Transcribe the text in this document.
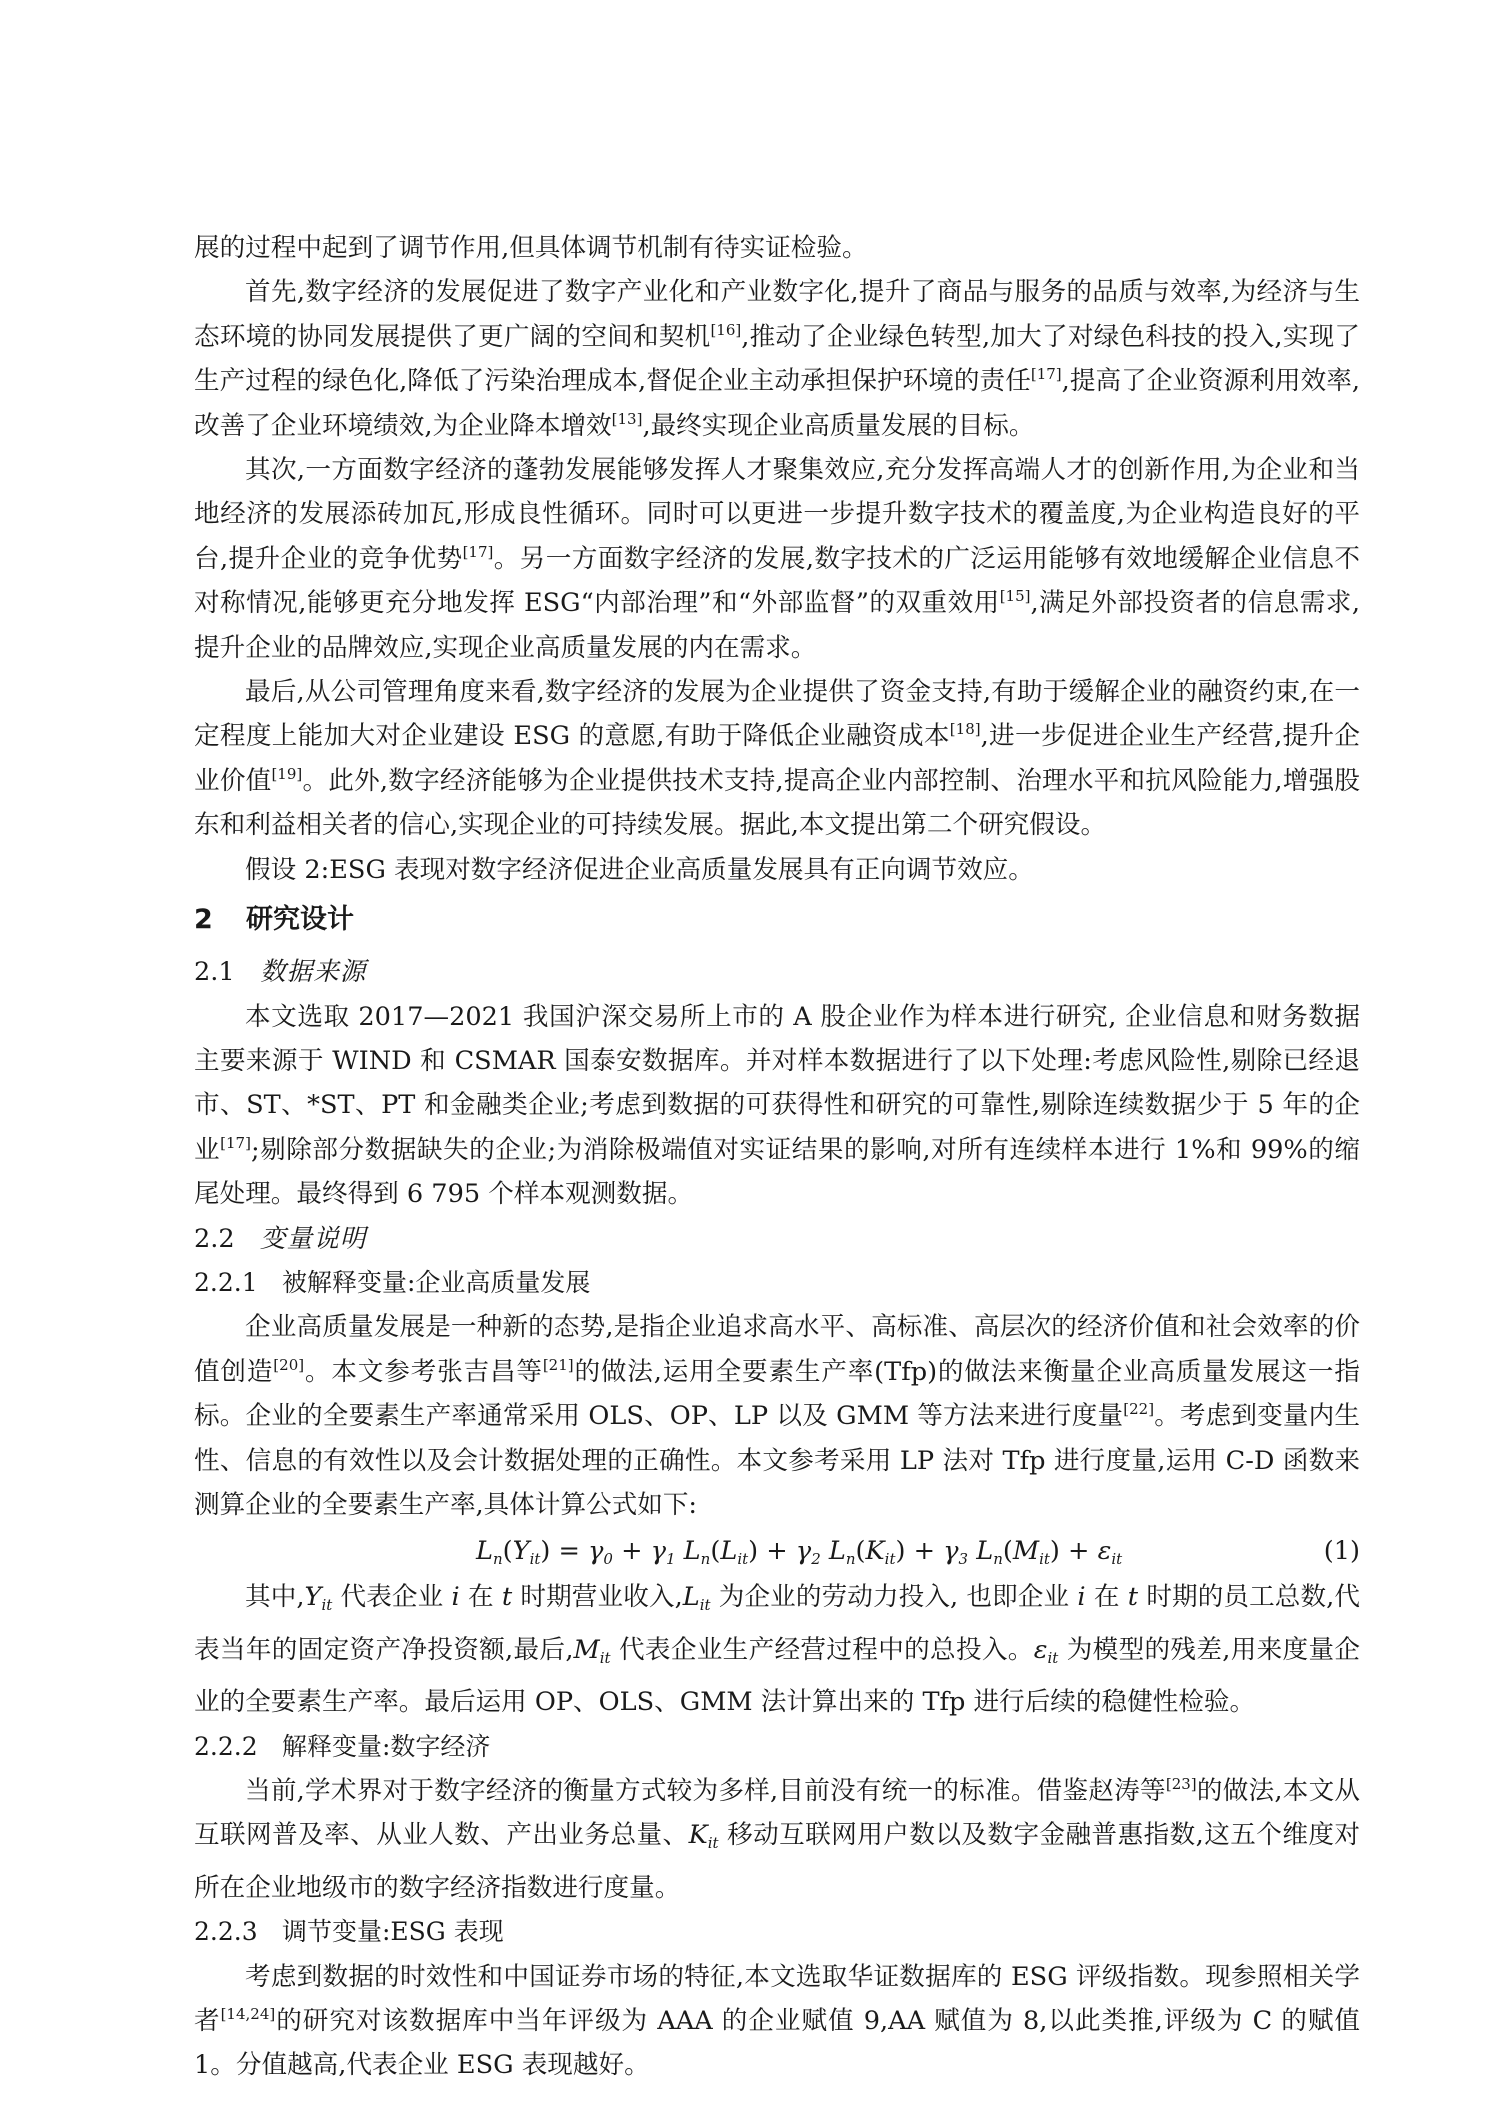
展的过程中起到了调节作用,但具体调节机制有待实证检验。

首先,数字经济的发展促进了数字产业化和产业数字化,提升了商品与服务的品质与效率,为经济与生态环境的协同发展提供了更广阔的空间和契机[16],推动了企业绿色转型,加大了对绿色科技的投入,实现了生产过程的绿色化,降低了污染治理成本,督促企业主动承担保护环境的责任[17],提高了企业资源利用效率,改善了企业环境绩效,为企业降本增效[13],最终实现企业高质量发展的目标。

其次,一方面数字经济的蓬勃发展能够发挥人才聚集效应,充分发挥高端人才的创新作用,为企业和当地经济的发展添砖加瓦,形成良性循环。同时可以更进一步提升数字技术的覆盖度,为企业构造良好的平台,提升企业的竞争优势[17]。另一方面数字经济的发展,数字技术的广泛运用能够有效地缓解企业信息不对称情况,能够更充分地发挥 ESG“内部治理”和“外部监督”的双重效用[15],满足外部投资者的信息需求,提升企业的品牌效应,实现企业高质量发展的内在需求。

最后,从公司管理角度来看,数字经济的发展为企业提供了资金支持,有助于缓解企业的融资约束,在一定程度上能加大对企业建设 ESG 的意愿,有助于降低企业融资成本[18],进一步促进企业生产经营,提升企业价值[19]。此外,数字经济能够为企业提供技术支持,提高企业内部控制、治理水平和抗风险能力,增强股东和利益相关者的信心,实现企业的可持续发展。据此,本文提出第二个研究假设。

假设 2:ESG 表现对数字经济促进企业高质量发展具有正向调节效应。

2 研究设计
2.1 数据来源

本文选取 2017—2021 我国沪深交易所上市的 A 股企业作为样本进行研究, 企业信息和财务数据主要来源于 WIND 和 CSMAR 国泰安数据库。并对样本数据进行了以下处理:考虑风险性,剔除已经退市、ST、*ST、PT 和金融类企业;考虑到数据的可获得性和研究的可靠性,剔除连续数据少于 5 年的企业[17];剔除部分数据缺失的企业;为消除极端值对实证结果的影响,对所有连续样本进行 1%和 99%的缩尾处理。最终得到 6 795 个样本观测数据。

2.2 变量说明
2.2.1 被解释变量:企业高质量发展

企业高质量发展是一种新的态势,是指企业追求高水平、高标准、高层次的经济价值和社会效率的价值创造[20]。本文参考张吉昌等[21]的做法,运用全要素生产率(Tfp)的做法来衡量企业高质量发展这一指标。企业的全要素生产率通常采用 OLS、OP、LP 以及 GMM 等方法来进行度量[22]。考虑到变量内生性、信息的有效性以及会计数据处理的正确性。本文参考采用 LP 法对 Tfp 进行度量,运用 C-D 函数来测算企业的全要素生产率,具体计算公式如下:

Ln(Yit) = γ0 + γ1 Ln(Lit) + γ2 Ln(Kit) + γ3 Ln(Mit) + εit	(1)

其中$,Y_{it}$ 代表企业 i 在 t 时期营业收入$,L_{it}$ 为企业的劳动力投入, 也即企业 i 在 t 时期的员工总数,代表当年的固定资产净投资额,最后$,M_{it}$ 代表企业生产经营过程中的总投入。$\varepsilon_{it}$ 为模型的残差,用来度量企业的全要素生产率。最后运用 OP、OLS、GMM 法计算出来的 Tfp 进行后续的稳健性检验。

2.2.2 解释变量:数字经济

当前,学术界对于数字经济的衡量方式较为多样,目前没有统一的标准。借鉴赵涛等[23]的做法,本文从互联网普及率、从业人数、产出业务总量、$K_{it}$ 移动互联网用户数以及数字金融普惠指数,这五个维度对所在企业地级市的数字经济指数进行度量。

2.2.3 调节变量:ESG 表现

考虑到数据的时效性和中国证券市场的特征,本文选取华证数据库的 ESG 评级指数。现参照相关学者[14,24]的研究对该数据库中当年评级为 AAA 的企业赋值 9,AA 赋值为 8,以此类推,评级为 C 的赋值 1。分值越高,代表企业 ESG 表现越好。
